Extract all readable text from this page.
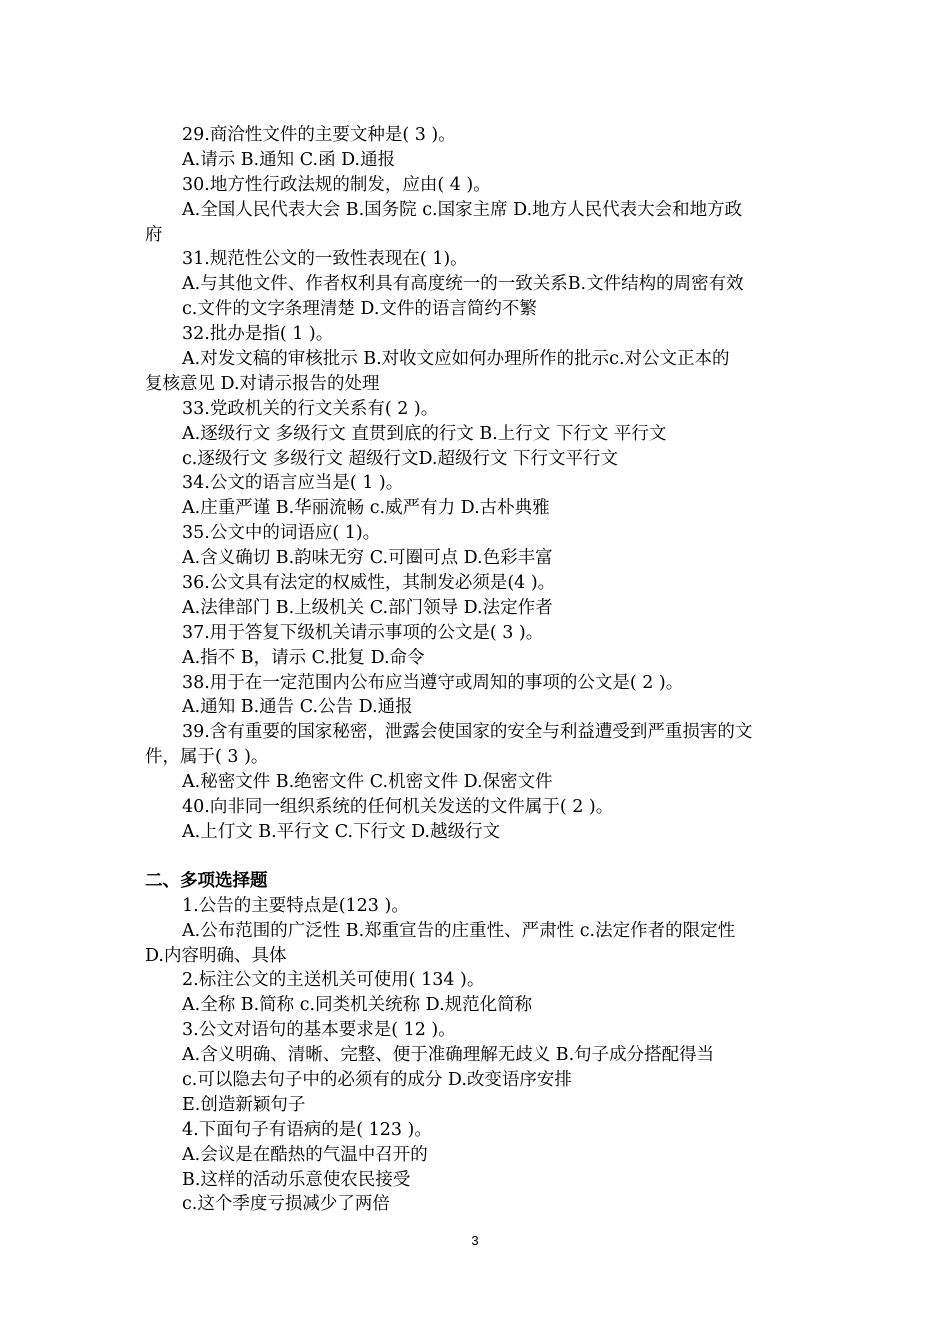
29.商洽性文件的主要文种是( 3 )。
A.请示 B.通知 C.函 D.通报
30.地方性行政法规的制发，应由( 4 )。
A.全国人民代表大会 B.国务院 c.国家主席 D.地方人民代表大会和地方政
府
31.规范性公文的一致性表现在( 1)。
A.与其他文件、作者权利具有高度统一的一致关系B.文件结构的周密有效
c.文件的文字条理清楚 D.文件的语言简约不繁
32.批办是指( 1 )。
A.对发文稿的审核批示 B.对收文应如何办理所作的批示c.对公文正本的
复核意见 D.对请示报告的处理
33.党政机关的行文关系有( 2 )。
A.逐级行文 多级行文 直贯到底的行文 B.上行文 下行文 平行文
c.逐级行文 多级行文 超级行文D.超级行文 下行文平行文
34.公文的语言应当是( 1 )。
A.庄重严谨 B.华丽流畅 c.威严有力 D.古朴典雅
35.公文中的词语应( 1)。
A.含义确切 B.韵味无穷 C.可圈可点 D.色彩丰富
36.公文具有法定的权威性，其制发必须是(4 )。
A.法律部门 B.上级机关 C.部门领导 D.法定作者
37.用于答复下级机关请示事项的公文是( 3 )。
A.指不 B，请示 C.批复 D.命令
38.用于在一定范围内公布应当遵守或周知的事项的公文是( 2 )。
A.通知 B.通告 C.公告 D.通报
39.含有重要的国家秘密，泄露会使国家的安全与利益遭受到严重损害的文
件，属于( 3 )。
A.秘密文件 B.绝密文件 C.机密文件 D.保密文件
40.向非同一组织系统的任何机关发送的文件属于( 2 )。
A.上仃文 B.平行文 C.下行文 D.越级行文
二、多项选择题
1.公告的主要特点是(123 )。
A.公布范围的广泛性 B.郑重宣告的庄重性、严肃性 c.法定作者的限定性
D.内容明确、具体
2.标注公文的主送机关可使用( 134 )。
A.全称 B.简称 c.同类机关统称 D.规范化简称
3.公文对语句的基本要求是( 12 )。
A.含义明确、清晰、完整、便于准确理解无歧义 B.句子成分搭配得当
c.可以隐去句子中的必须有的成分 D.改变语序安排
E.创造新颖句子
4.下面句子有语病的是( 123 )。
A.会议是在酷热的气温中召开的
B.这样的活动乐意使农民接受
c.这个季度亏损减少了两倍
3
